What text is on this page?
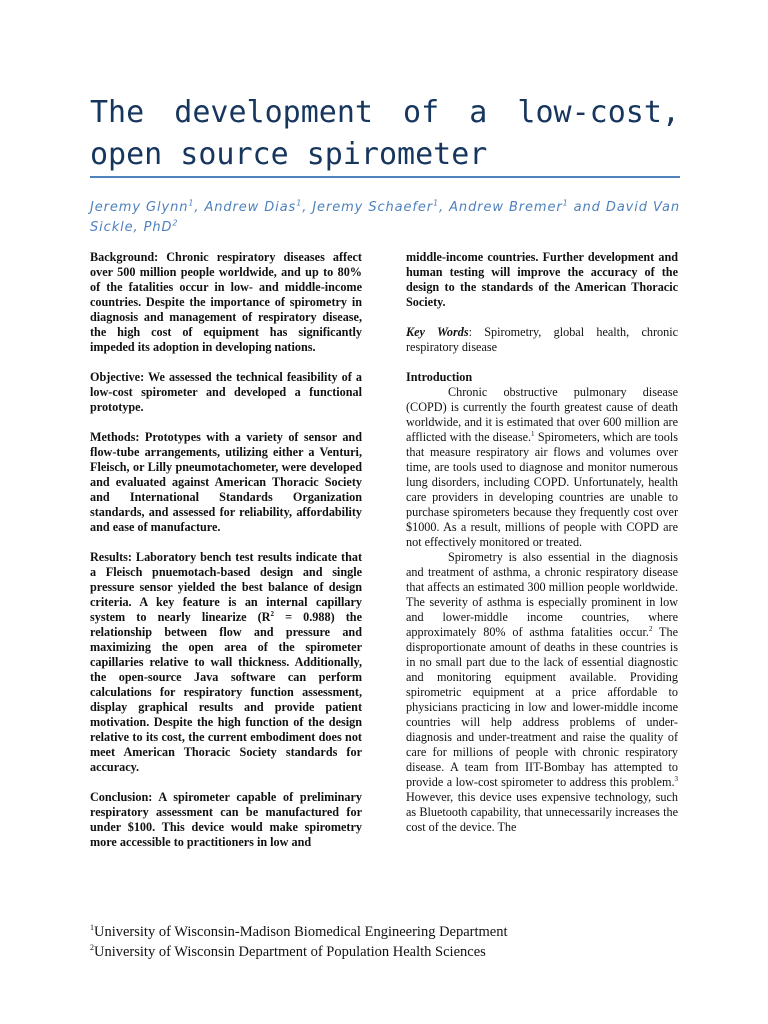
The development of a low-cost, open source spirometer
Jeremy Glynn$^1$, Andrew Dias$^1$, Jeremy Schaefer$^1$, Andrew Bremer$^1$ and David Van Sickle, PhD$^2$

Background: Chronic respiratory diseases affect over 500 million people worldwide, and up to 80% of the fatalities occur in low- and middle-income countries. Despite the importance of spirometry in diagnosis and management of respiratory disease, the high cost of equipment has significantly impeded its adoption in developing nations.

Objective: We assessed the technical feasibility of a low-cost spirometer and developed a functional prototype.

Methods: Prototypes with a variety of sensor and flow-tube arrangements, utilizing either a Venturi, Fleisch, or Lilly pneumotachometer, were developed and evaluated against American Thoracic Society and International Standards Organization standards, and assessed for reliability, affordability and ease of manufacture.

Results: Laboratory bench test results indicate that a Fleisch pnuemotach-based design and single pressure sensor yielded the best balance of design criteria. A key feature is an internal capillary system to nearly linearize $(R^2 = 0.988)$ the relationship between flow and pressure and maximizing the open area of the spirometer capillaries relative to wall thickness. Additionally, the open-source Java software can perform calculations for respiratory function assessment, display graphical results and provide patient motivation. Despite the high function of the design relative to its cost, the current embodiment does not meet American Thoracic Society standards for accuracy.

Conclusion: A spirometer capable of preliminary respiratory assessment can be manufactured for under $100. This device would make spirometry more accessible to practitioners in low and

middle-income countries. Further development and human testing will improve the accuracy of the design to the standards of the American Thoracic Society.

Key Words: Spirometry, global health, chronic respiratory disease

Introduction

Chronic obstructive pulmonary disease (COPD) is currently the fourth greatest cause of death worldwide, and it is estimated that over 600 million are afflicted with the disease.$^1$ Spirometers, which are tools that measure respiratory air flows and volumes over time, are tools used to diagnose and monitor numerous lung disorders, including COPD. Unfortunately, health care providers in developing countries are unable to purchase spirometers because they frequently cost over $1000. As a result, millions of people with COPD are not effectively monitored or treated.

Spirometry is also essential in the diagnosis and treatment of asthma, a chronic respiratory disease that affects an estimated 300 million people worldwide. The severity of asthma is especially prominent in low and lower-middle income countries, where approximately 80% of asthma fatalities occur.$^2$ The disproportionate amount of deaths in these countries is in no small part due to the lack of essential diagnostic and monitoring equipment available. Providing spirometric equipment at a price affordable to physicians practicing in low and lower-middle income countries will help address problems of under-diagnosis and under-treatment and raise the quality of care for millions of people with chronic respiratory disease. A team from IIT-Bombay has attempted to provide a low-cost spirometer to address this problem.$^3$ However, this device uses expensive technology, such as Bluetooth capability, that unnecessarily increases the cost of the device. The

$^1$University of Wisconsin-Madison Biomedical Engineering Department
$^2$University of Wisconsin Department of Population Health Sciences
